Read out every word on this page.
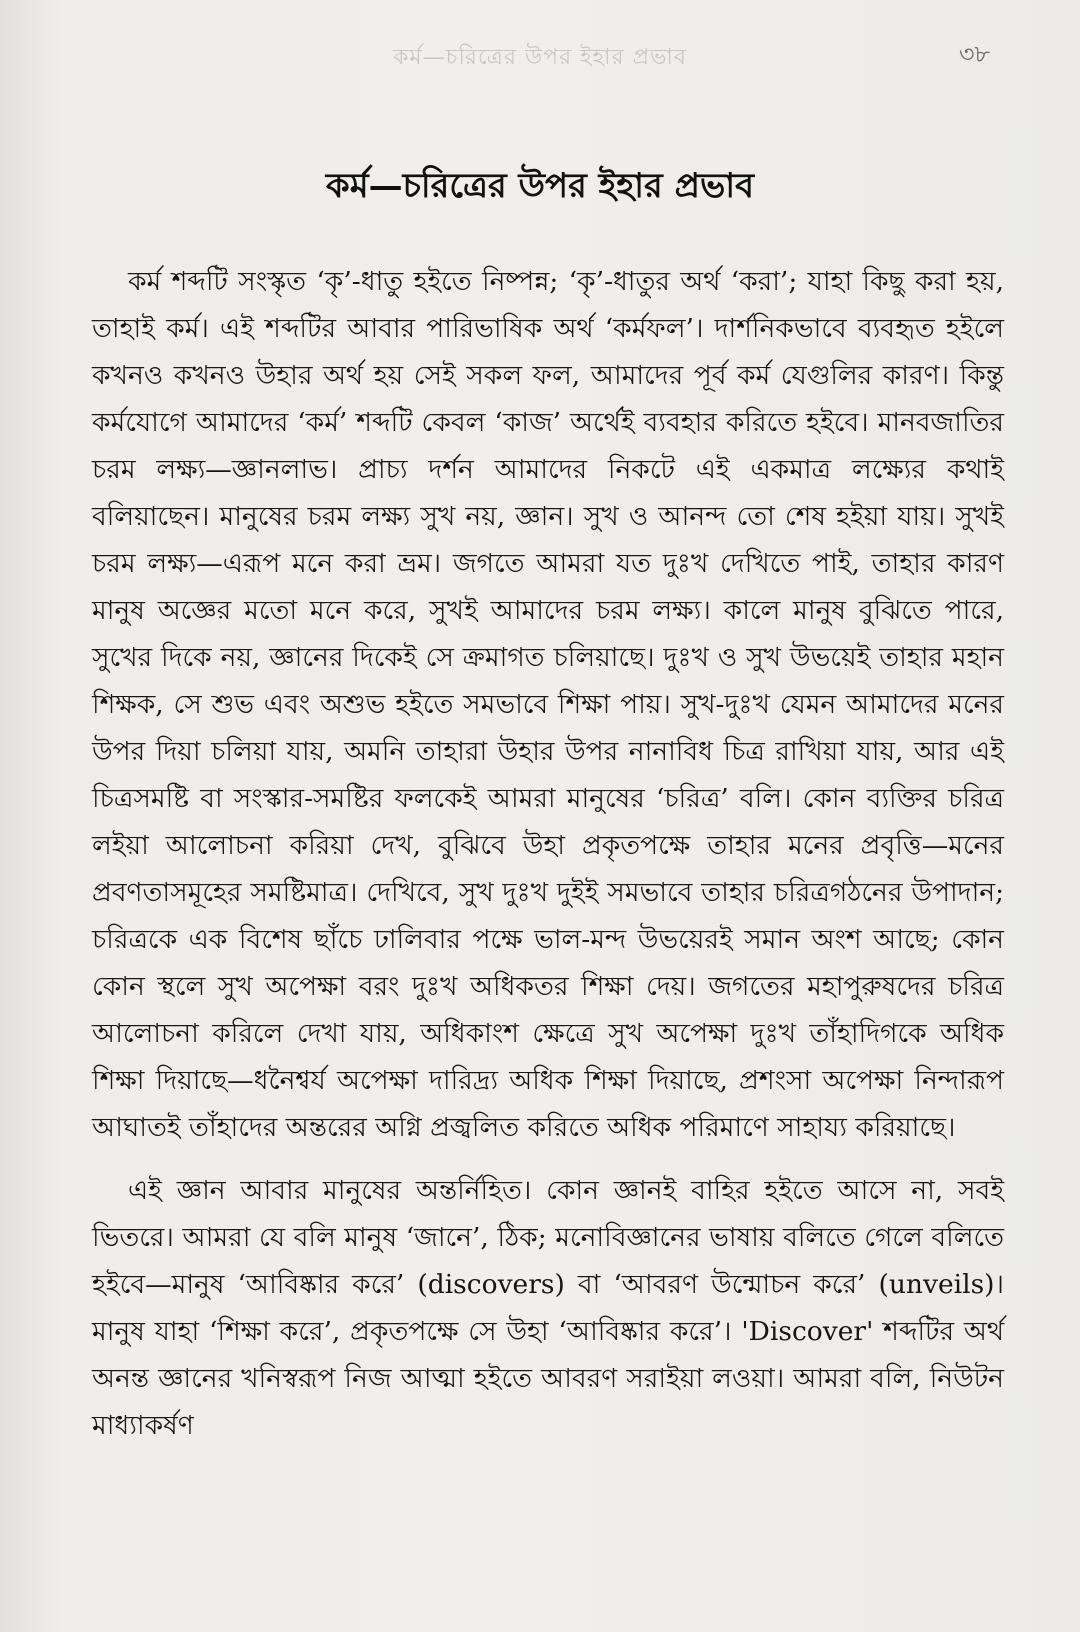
কর্ম—চরিত্রের উপর ইহার প্রভাব	৩৮
কর্ম—চরিত্রের উপর ইহার প্রভাব

কর্ম শব্দটি সংস্কৃত ‘কৃ’-ধাতু হইতে নিষ্পন্ন; ‘কৃ’-ধাতুর অর্থ ‘করা’; যাহা কিছু করা হয়, তাহাই কর্ম। এই শব্দটির আবার পারিভাষিক অর্থ ‘কর্মফল’। দার্শনিকভাবে ব্যবহৃত হইলে কখনও কখনও উহার অর্থ হয় সেই সকল ফল, আমাদের পূর্ব কর্ম যেগুলির কারণ। কিন্তু কর্মযোগে আমাদের ‘কর্ম’ শব্দটি কেবল ‘কাজ’ অর্থেই ব্যবহার করিতে হইবে। মানবজাতির চরম লক্ষ্য—জ্ঞানলাভ। প্রাচ্য দর্শন আমাদের নিকটে এই একমাত্র লক্ষ্যের কথাই বলিয়াছেন। মানুষের চরম লক্ষ্য সুখ নয়, জ্ঞান। সুখ ও আনন্দ তো শেষ হইয়া যায়। সুখই চরম লক্ষ্য—এরূপ মনে করা ভ্রম। জগতে আমরা যত দুঃখ দেখিতে পাই, তাহার কারণ মানুষ অজ্ঞের মতো মনে করে, সুখই আমাদের চরম লক্ষ্য। কালে মানুষ বুঝিতে পারে, সুখের দিকে নয়, জ্ঞানের দিকেই সে ক্রমাগত চলিয়াছে। দুঃখ ও সুখ উভয়েই তাহার মহান শিক্ষক, সে শুভ এবং অশুভ হইতে সমভাবে শিক্ষা পায়। সুখ-দুঃখ যেমন আমাদের মনের উপর দিয়া চলিয়া যায়, অমনি তাহারা উহার উপর নানাবিধ চিত্র রাখিয়া যায়, আর এই চিত্রসমষ্টি বা সংস্কার-সমষ্টির ফলকেই আমরা মানুষের ‘চরিত্র’ বলি। কোন ব্যক্তির চরিত্র লইয়া আলোচনা করিয়া দেখ, বুঝিবে উহা প্রকৃতপক্ষে তাহার মনের প্রবৃত্তি—মনের প্রবণতাসমূহের সমষ্টিমাত্র। দেখিবে, সুখ দুঃখ দুইই সমভাবে তাহার চরিত্রগঠনের উপাদান; চরিত্রকে এক বিশেষ ছাঁচে ঢালিবার পক্ষে ভাল-মন্দ উভয়েরই সমান অংশ আছে; কোন কোন স্থলে সুখ অপেক্ষা বরং দুঃখ অধিকতর শিক্ষা দেয়। জগতের মহাপুরুষদের চরিত্র আলোচনা করিলে দেখা যায়, অধিকাংশ ক্ষেত্রে সুখ অপেক্ষা দুঃখ তাঁহাদিগকে অধিক শিক্ষা দিয়াছে—ধনৈশ্বর্য অপেক্ষা দারিদ্র্য অধিক শিক্ষা দিয়াছে, প্রশংসা অপেক্ষা নিন্দারূপ আঘাতই তাঁহাদের অন্তরের অগ্নি প্রজ্বলিত করিতে অধিক পরিমাণে সাহায্য করিয়াছে।

এই জ্ঞান আবার মানুষের অন্তর্নিহিত। কোন জ্ঞানই বাহির হইতে আসে না, সবই ভিতরে। আমরা যে বলি মানুষ ‘জানে’, ঠিক; মনোবিজ্ঞানের ভাষায় বলিতে গেলে বলিতে হইবে—মানুষ ‘আবিষ্কার করে’ (discovers) বা ‘আবরণ উন্মোচন করে’ (unveils)। মানুষ যাহা ‘শিক্ষা করে’, প্রকৃতপক্ষে সে উহা ‘আবিষ্কার করে’। 'Discover' শব্দটির অর্থ অনন্ত জ্ঞানের খনিস্বরূপ নিজ আত্মা হইতে আবরণ সরাইয়া লওয়া। আমরা বলি, নিউটন মাধ্যাকর্ষণ
